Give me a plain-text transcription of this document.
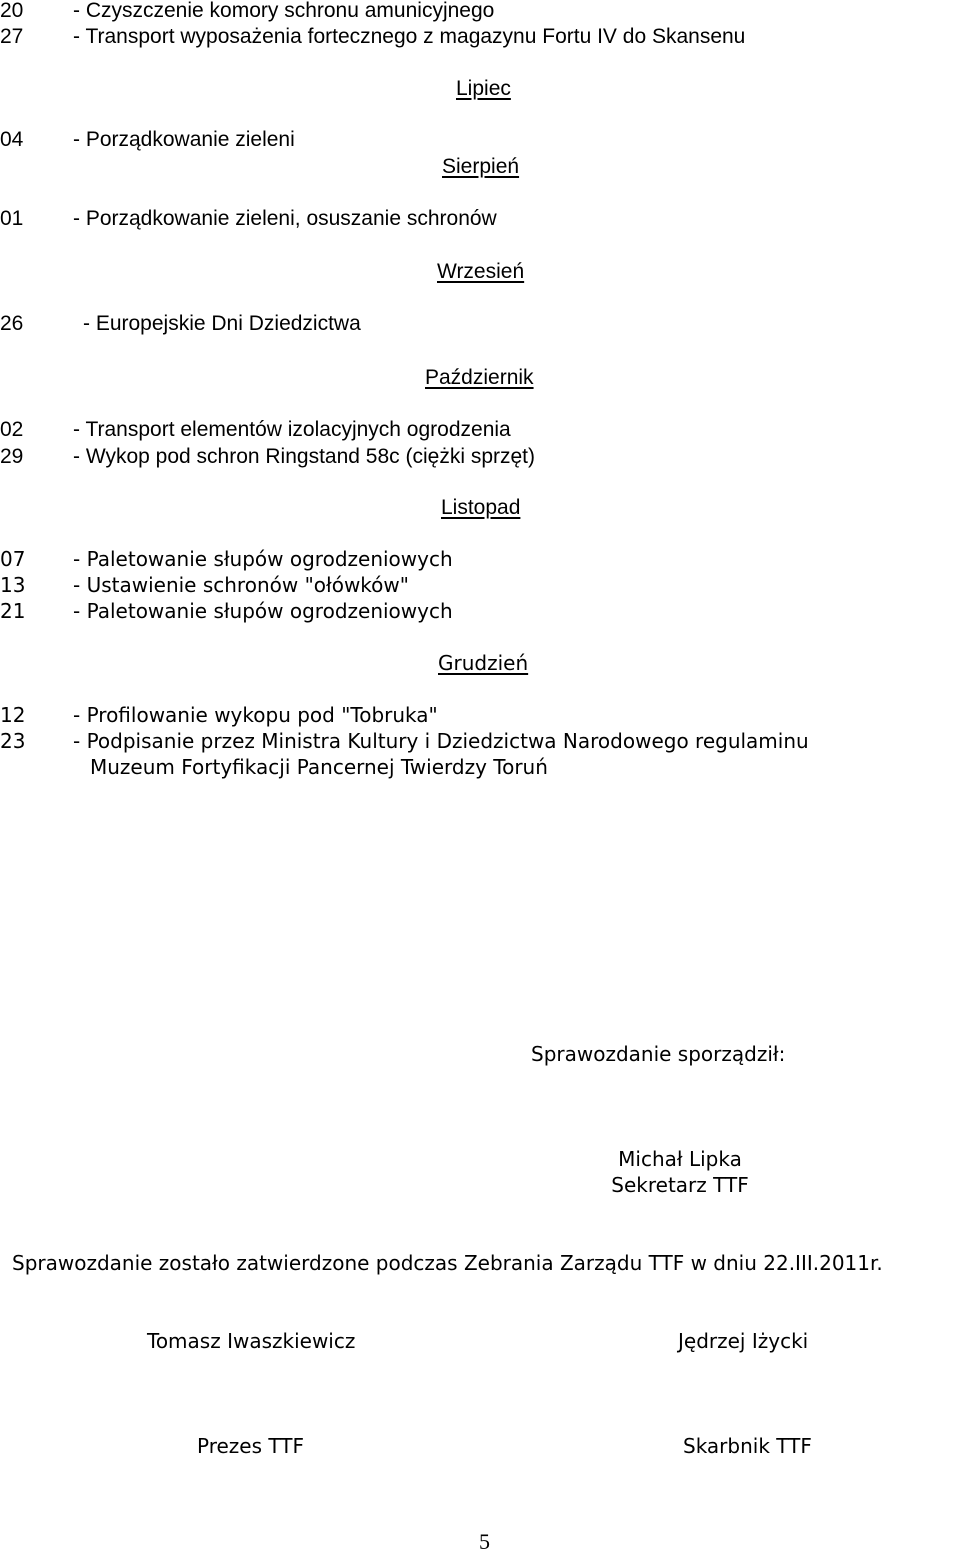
20 - Czyszczenie komory schronu amunicyjnego
27 - Transport wyposażenia fortecznego z magazynu Fortu IV do Skansenu
Lipiec
04 - Porządkowanie zieleni
Sierpień
01 - Porządkowanie zieleni, osuszanie schronów
Wrzesień
26	- Europejskie Dni Dziedzictwa
Październik
02 - Transport elementów izolacyjnych ogrodzenia
29 - Wykop pod schron Ringstand 58c (ciężki sprzęt)
Listopad
07 - Paletowanie słupów ogrodzeniowych
13 - Ustawienie schronów "ołówków"
21 - Paletowanie słupów ogrodzeniowych
Grudzień
12 - Profilowanie wykopu pod "Tobruka"
23 - Podpisanie przez Ministra Kultury i Dziedzictwa Narodowego regulaminu
Muzeum Fortyfikacji Pancernej Twierdzy Toruń
Sprawozdanie sporządził:
Michał Lipka
Sekretarz TTF
Sprawozdanie zostało zatwierdzone podczas Zebrania Zarządu TTF w dniu 22.III.2011r.
Tomasz Iwaszkiewicz	Jędrzej Iżycki
Prezes TTF	Skarbnik TTF
5
